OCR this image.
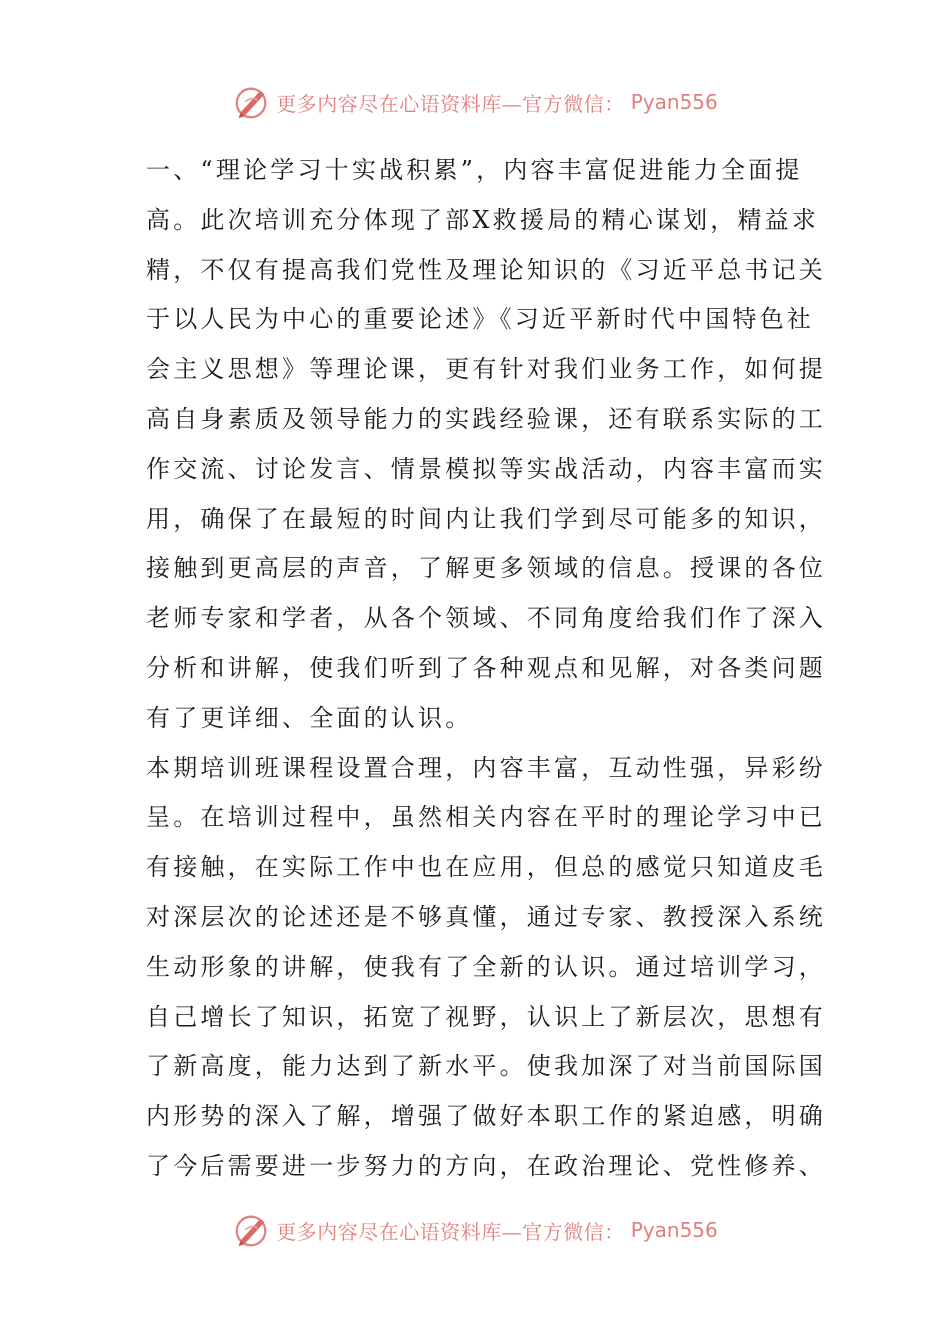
更多内容尽在心语资料库—官方微信： Pyan556

一、“理论学习十实战积累”，内容丰富促进能力全面提高。此次培训充分体现了部X救援局的精心谋划，精益求精，不仅有提高我们党性及理论知识的《习近平总书记关于以人民为中心的重要论述》《习近平新时代中国特色社会主义思想》等理论课，更有针对我们业务工作，如何提高自身素质及领导能力的实践经验课，还有联系实际的工作交流、讨论发言、情景模拟等实战活动，内容丰富而实用，确保了在最短的时间内让我们学到尽可能多的知识，接触到更高层的声音，了解更多领域的信息。授课的各位老师专家和学者，从各个领域、不同角度给我们作了深入分析和讲解，使我们听到了各种观点和见解，对各类问题有了更详细、全面的认识。

本期培训班课程设置合理，内容丰富，互动性强，异彩纷呈。在培训过程中，虽然相关内容在平时的理论学习中已有接触，在实际工作中也在应用，但总的感觉只知道皮毛对深层次的论述还是不够真懂，通过专家、教授深入系统生动形象的讲解，使我有了全新的认识。通过培训学习，自己增长了知识，拓宽了视野，认识上了新层次，思想有了新高度，能力达到了新水平。使我加深了对当前国际国内形势的深入了解，增强了做好本职工作的紧迫感，明确了今后需要进一步努力的方向，在政治理论、党性修养、

更多内容尽在心语资料库—官方微信： Pyan556
